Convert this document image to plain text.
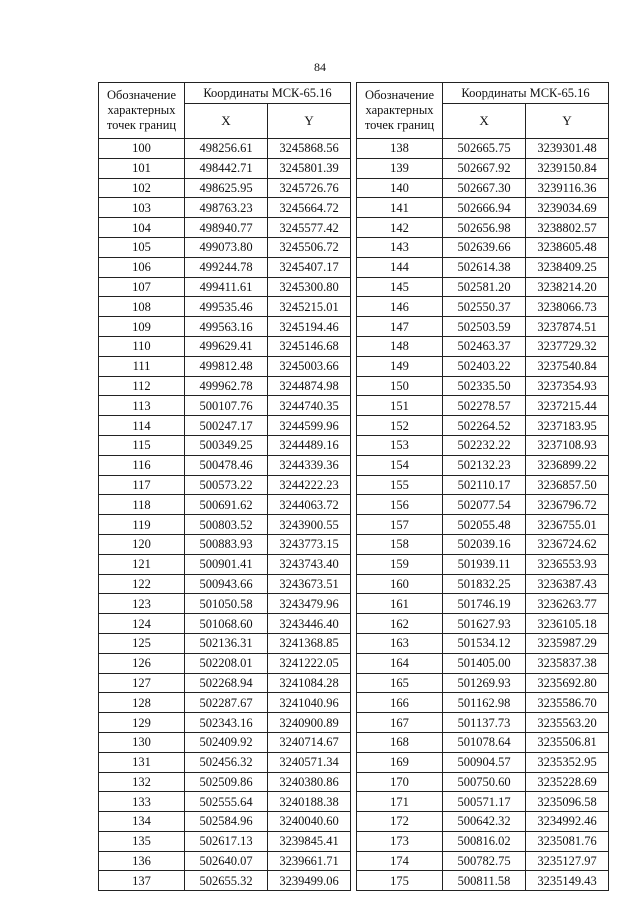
84
Обозначение
характерных
точек границ	Координаты МСК-65.16	
	X	Y
100	498256.61	3245868.56
101	498442.71	3245801.39
102	498625.95	3245726.76
103	498763.23	3245664.72
104	498940.77	3245577.42
105	499073.80	3245506.72
106	499244.78	3245407.17
107	499411.61	3245300.80
108	499535.46	3245215.01
109	499563.16	3245194.46
110	499629.41	3245146.68
111	499812.48	3245003.66
112	499962.78	3244874.98
113	500107.76	3244740.35
114	500247.17	3244599.96
115	500349.25	3244489.16
116	500478.46	3244339.36
117	500573.22	3244222.23
118	500691.62	3244063.72
119	500803.52	3243900.55
120	500883.93	3243773.15
121	500901.41	3243743.40
122	500943.66	3243673.51
123	501050.58	3243479.96
124	501068.60	3243446.40
125	502136.31	3241368.85
126	502208.01	3241222.05
127	502268.94	3241084.28
128	502287.67	3241040.96
129	502343.16	3240900.89
130	502409.92	3240714.67
131	502456.32	3240571.34
132	502509.86	3240380.86
133	502555.64	3240188.38
134	502584.96	3240040.60
135	502617.13	3239845.41
136	502640.07	3239661.71
137	502655.32	3239499.06
Обозначение
характерных
точек границ	Координаты МСК-65.16	
	X	Y
138	502665.75	3239301.48
139	502667.92	3239150.84
140	502667.30	3239116.36
141	502666.94	3239034.69
142	502656.98	3238802.57
143	502639.66	3238605.48
144	502614.38	3238409.25
145	502581.20	3238214.20
146	502550.37	3238066.73
147	502503.59	3237874.51
148	502463.37	3237729.32
149	502403.22	3237540.84
150	502335.50	3237354.93
151	502278.57	3237215.44
152	502264.52	3237183.95
153	502232.22	3237108.93
154	502132.23	3236899.22
155	502110.17	3236857.50
156	502077.54	3236796.72
157	502055.48	3236755.01
158	502039.16	3236724.62
159	501939.11	3236553.93
160	501832.25	3236387.43
161	501746.19	3236263.77
162	501627.93	3236105.18
163	501534.12	3235987.29
164	501405.00	3235837.38
165	501269.93	3235692.80
166	501162.98	3235586.70
167	501137.73	3235563.20
168	501078.64	3235506.81
169	500904.57	3235352.95
170	500750.60	3235228.69
171	500571.17	3235096.58
172	500642.32	3234992.46
173	500816.02	3235081.76
174	500782.75	3235127.97
175	500811.58	3235149.43
